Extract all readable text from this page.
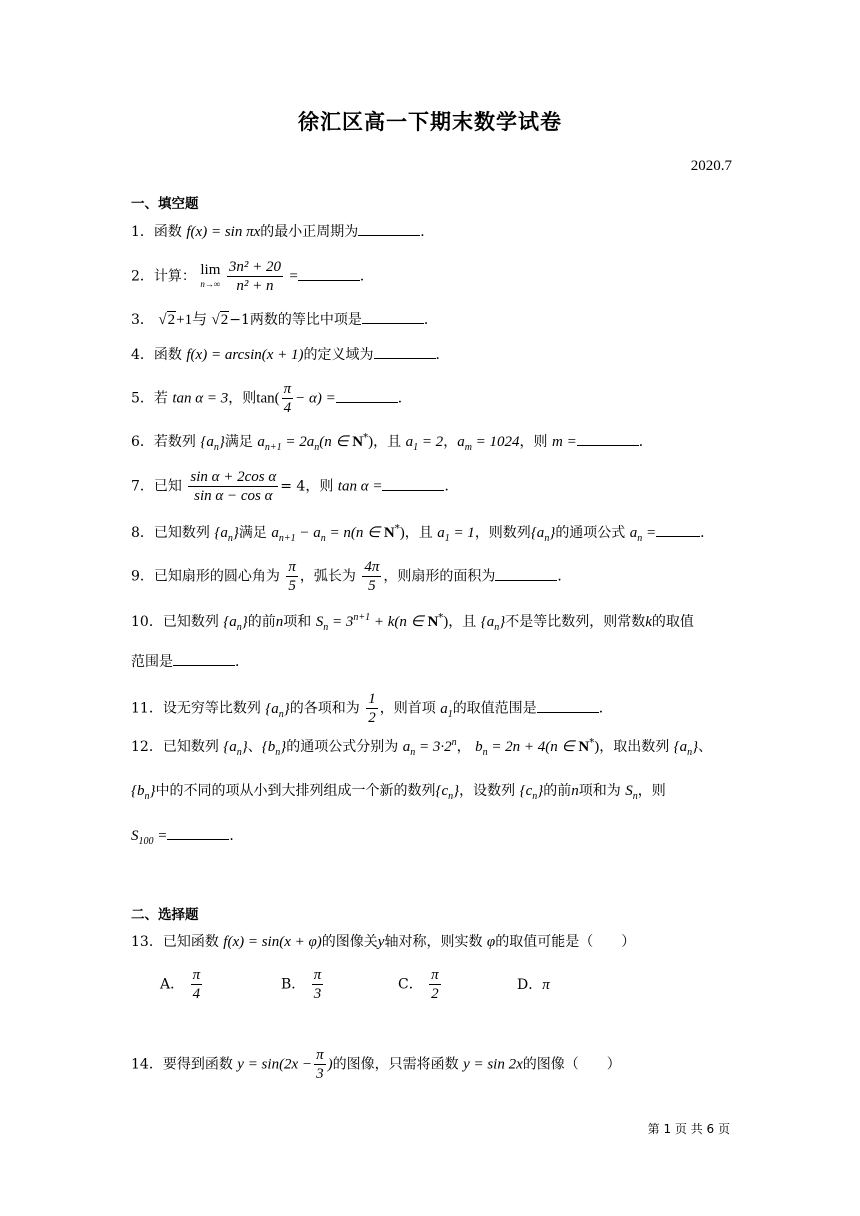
徐汇区高一下期末数学试卷
2020.7
一、填空题
1．函数 f(x) = sin πx的最小正周期为	．
2．计算： lim
n→∞
$\frac{\text{3n² + 20}}{\text{n² + n}}$ =	．
3． √2+1与 √2−1两数的等比中项是	．
4．函数 f(x) = arcsin(x + 1)的定义域为	．
5．若 tan α = 3，则$\tan( \frac{\pi}{4} - \alpha)$ =	．
6．若数列 $\{a_n\}$满足 $a_{n+1} = 2a_n(n$ ∈ N*)，且 $a_1 = 2$，$a_m = 1024$，则 m =	．
7．已知 $\frac{\text{sin α + 2cos α}}{\text{sin α − cos α}} = 4$，则 tan α =	．
8．已知数列 $\{a_n\}$满足 $a_{n+1} - a_n = n(n$ ∈ N*)，且 $a_1 = 1$，则数列$\{a_n\}$的通项公式 $a_n$ =	．
9．已知扇形的圆心角为 $\frac{\pi}{5}$ ，弧长为 $\frac{4\pi}{5}$ ，则扇形的面积为	．
10．已知数列 $\{a_n\}$的前n项和 $S_n = 3^{n+1} + k(n$ ∈ N*)，且 $\{a_n\}$不是等比数列，则常数k的取值
范围是	．
11．设无穷等比数列 $\{a_n\}$的各项和为 $\frac{1}{2}$ ，则首项 $a_1$的取值范围是	．
12．已知数列 $\{a_n\}$、$\{b_n\}$的通项公式分别为 $a_n = 3\cdot 2^n$， $b_n = 2n + 4(n$ ∈ N*)，取出数列 $\{a_n\}$、
$\{b_n\}$中的不同的项从小到大排列组成一个新的数列$\{c_n\}$，设数列 $\{c_n\}$的前n项和为 $S_n$，则
$S_{100}$ =	．
二、选择题
13．已知函数 f(x) = sin(x + φ)的图像关y轴对称，则实数 φ的取值可能是（　　）
A． $\frac{\pi}{4}$	B． $\frac{\pi}{3}$	C． $\frac{\pi}{2}$	D．π
14．要得到函数 $y = \sin(2x - \frac{\pi}{3}$ )的图像，只需将函数 y = sin 2x的图像（　　）
第 1 页 共 6 页
